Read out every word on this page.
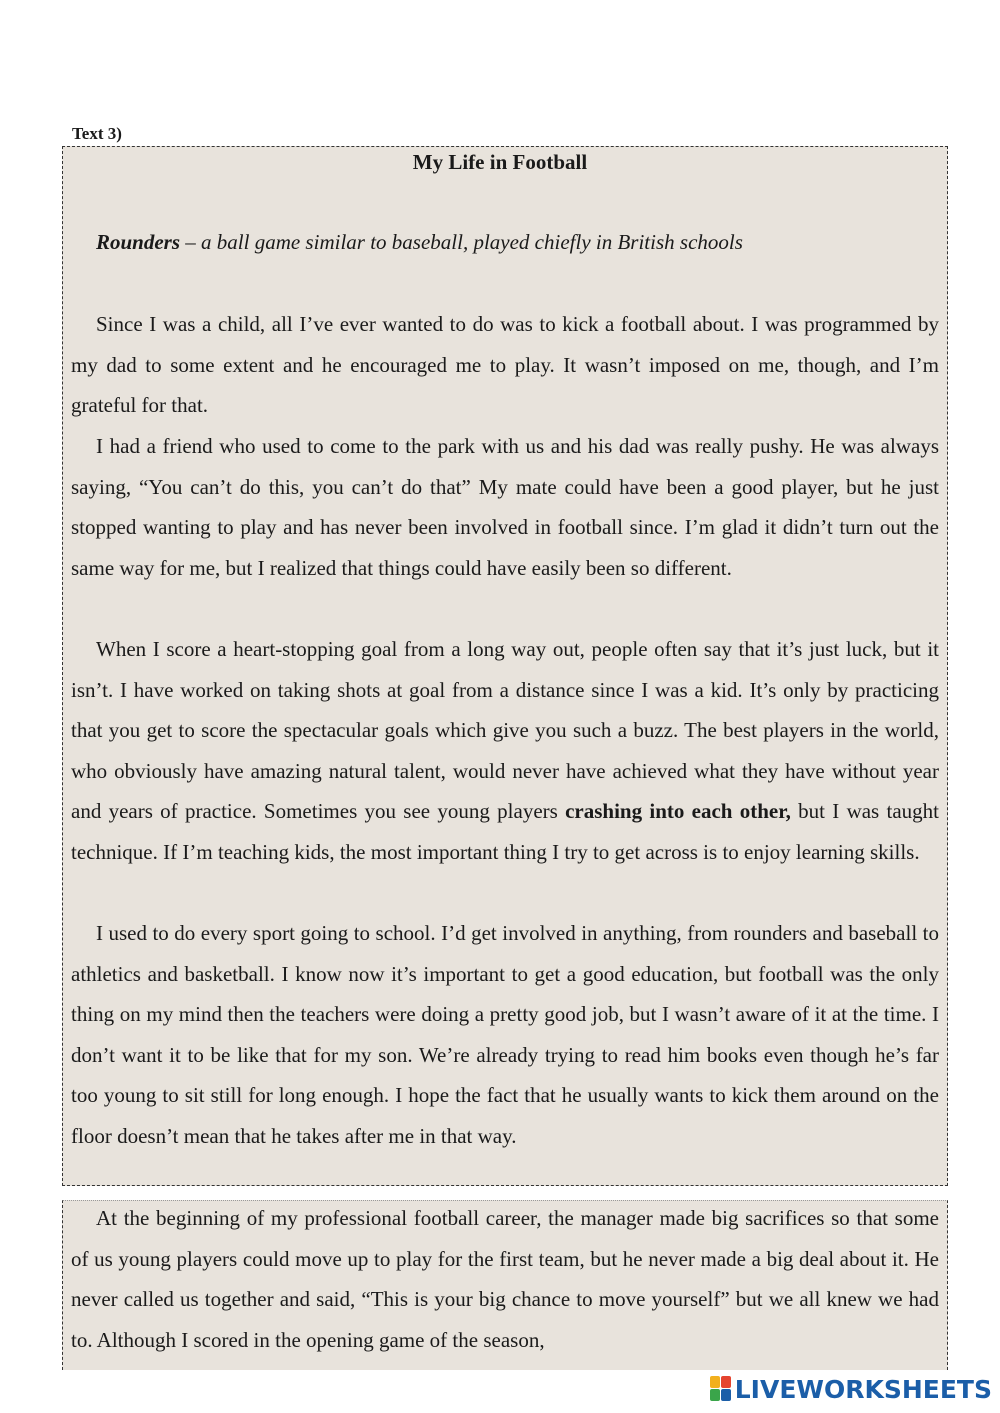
Text 3)
My Life in Football
Rounders – a ball game similar to baseball, played chiefly in British schools
Since I was a child, all I’ve ever wanted to do was to kick a football about. I was programmed by my dad to some extent and he encouraged me to play. It wasn’t imposed on me, though, and I’m grateful for that.
I had a friend who used to come to the park with us and his dad was really pushy. He was always saying, “You can’t do this, you can’t do that” My mate could have been a good player, but he just stopped wanting to play and has never been involved in football since. I’m glad it didn’t turn out the same way for me, but I realized that things could have easily been so different.
When I score a heart-stopping goal from a long way out, people often say that it’s just luck, but it isn’t. I have worked on taking shots at goal from a distance since I was a kid. It’s only by practicing that you get to score the spectacular goals which give you such a buzz. The best players in the world, who obviously have amazing natural talent, would never have achieved what they have without year and years of practice. Sometimes you see young players crashing into each other, but I was taught technique. If I’m teaching kids, the most important thing I try to get across is to enjoy learning skills.
I used to do every sport going to school. I’d get involved in anything, from rounders and baseball to athletics and basketball. I know now it’s important to get a good education, but football was the only thing on my mind then the teachers were doing a pretty good job, but I wasn’t aware of it at the time. I don’t want it to be like that for my son. We’re already trying to read him books even though he’s far too young to sit still for long enough. I hope the fact that he usually wants to kick them around on the floor doesn’t mean that he takes after me in that way.
At the beginning of my professional football career, the manager made big sacrifices so that some of us young players could move up to play for the first team, but he never made a big deal about it. He never called us together and said, “This is your big chance to move yourself” but we all knew we had to. Although I scored in the opening game of the season,
LIVEWORKSHEETS
